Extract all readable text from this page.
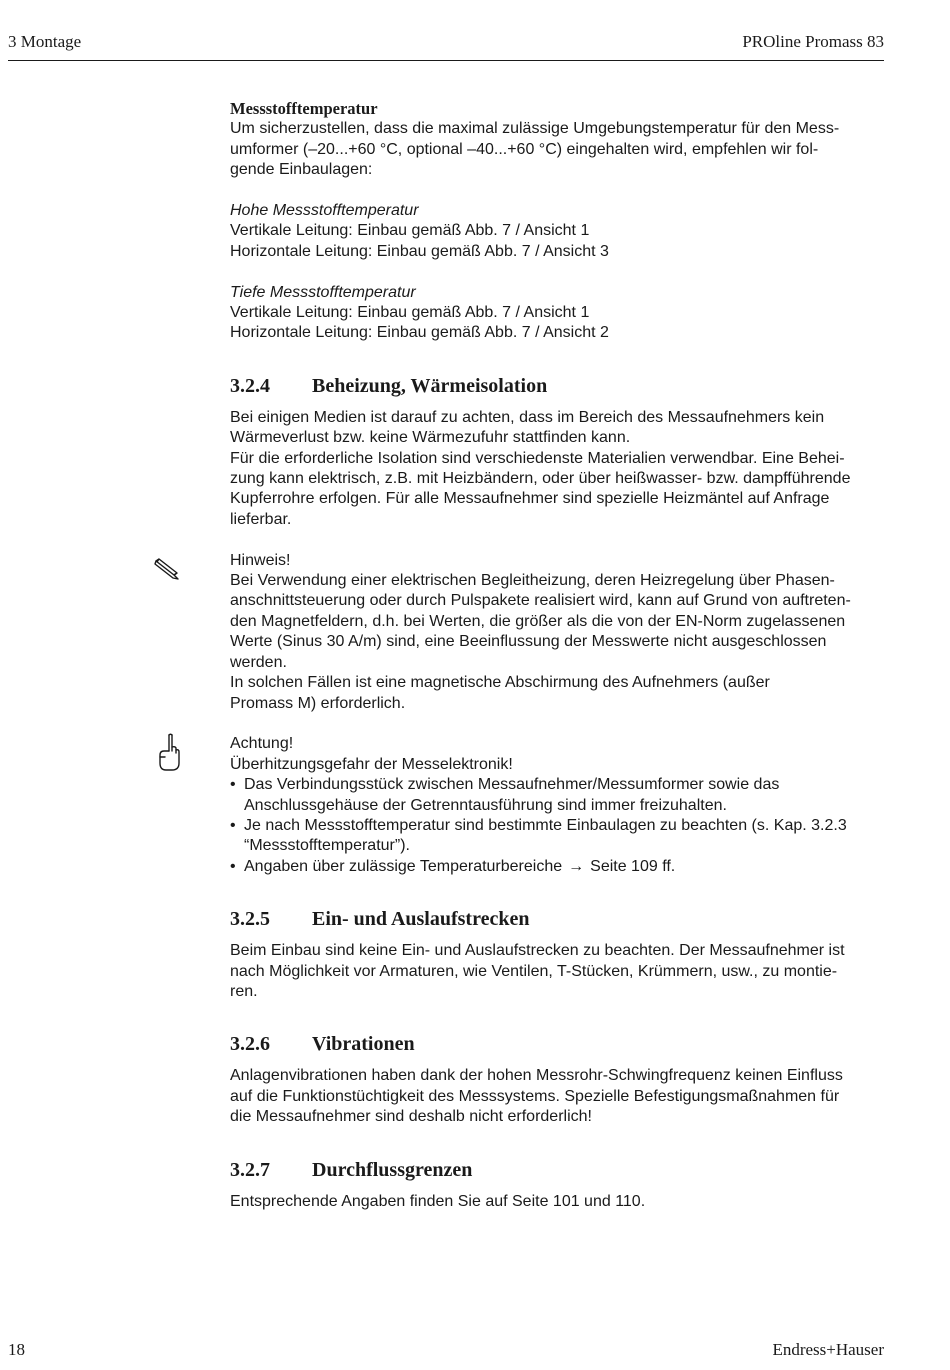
3 Montage	PROline Promass 83

Messstofftemperatur

Um sicherzustellen, dass die maximal zulässige Umgebungstemperatur für den Mess-

umformer (–20...+60 °C, optional –40...+60 °C) eingehalten wird, empfehlen wir fol-

gende Einbaulagen:

Hohe Messstofftemperatur

Vertikale Leitung: Einbau gemäß Abb. 7 / Ansicht 1

Horizontale Leitung: Einbau gemäß Abb. 7 / Ansicht 3

Tiefe Messstofftemperatur

Vertikale Leitung: Einbau gemäß Abb. 7 / Ansicht 1

Horizontale Leitung: Einbau gemäß Abb. 7 / Ansicht 2

3.2.4	Beheizung, Wärmeisolation

Bei einigen Medien ist darauf zu achten, dass im Bereich des Messaufnehmers kein

Wärmeverlust bzw. keine Wärmezufuhr stattfinden kann.

Für die erforderliche Isolation sind verschiedenste Materialien verwendbar. Eine Behei-

zung kann elektrisch, z.B. mit Heizbändern, oder über heißwasser- bzw. dampfführende

Kupferrohre erfolgen. Für alle Messaufnehmer sind spezielle Heizmäntel auf Anfrage

lieferbar.

Hinweis!

Bei Verwendung einer elektrischen Begleitheizung, deren Heizregelung über Phasen-

anschnittsteuerung oder durch Pulspakete realisiert wird, kann auf Grund von auftreten-

den Magnetfeldern, d.h. bei Werten, die größer als die von der EN-Norm zugelassenen

Werte (Sinus 30 A/m) sind, eine Beeinflussung der Messwerte nicht ausgeschlossen

werden.

In solchen Fällen ist eine magnetische Abschirmung des Aufnehmers (außer

Promass M) erforderlich.

Achtung!

Überhitzungsgefahr der Messelektronik!

• Das Verbindungsstück zwischen Messaufnehmer/Messumformer sowie das
Anschlussgehäuse der Getrenntausführung sind immer freizuhalten.
• Je nach Messstofftemperatur sind bestimmte Einbaulagen zu beachten (s. Kap. 3.2.3
“Messstofftemperatur”).
• Angaben über zulässige Temperaturbereiche → Seite 109 ff.
3.2.5	Ein- und Auslaufstrecken

Beim Einbau sind keine Ein- und Auslaufstrecken zu beachten. Der Messaufnehmer ist

nach Möglichkeit vor Armaturen, wie Ventilen, T-Stücken, Krümmern, usw., zu montie-

ren.

3.2.6	Vibrationen

Anlagenvibrationen haben dank der hohen Messrohr-Schwingfrequenz keinen Einfluss

auf die Funktionstüchtigkeit des Messsystems. Spezielle Befestigungsmaßnahmen für

die Messaufnehmer sind deshalb nicht erforderlich!

3.2.7	Durchflussgrenzen

Entsprechende Angaben finden Sie auf Seite 101 und 110.

18	Endress+Hauser
